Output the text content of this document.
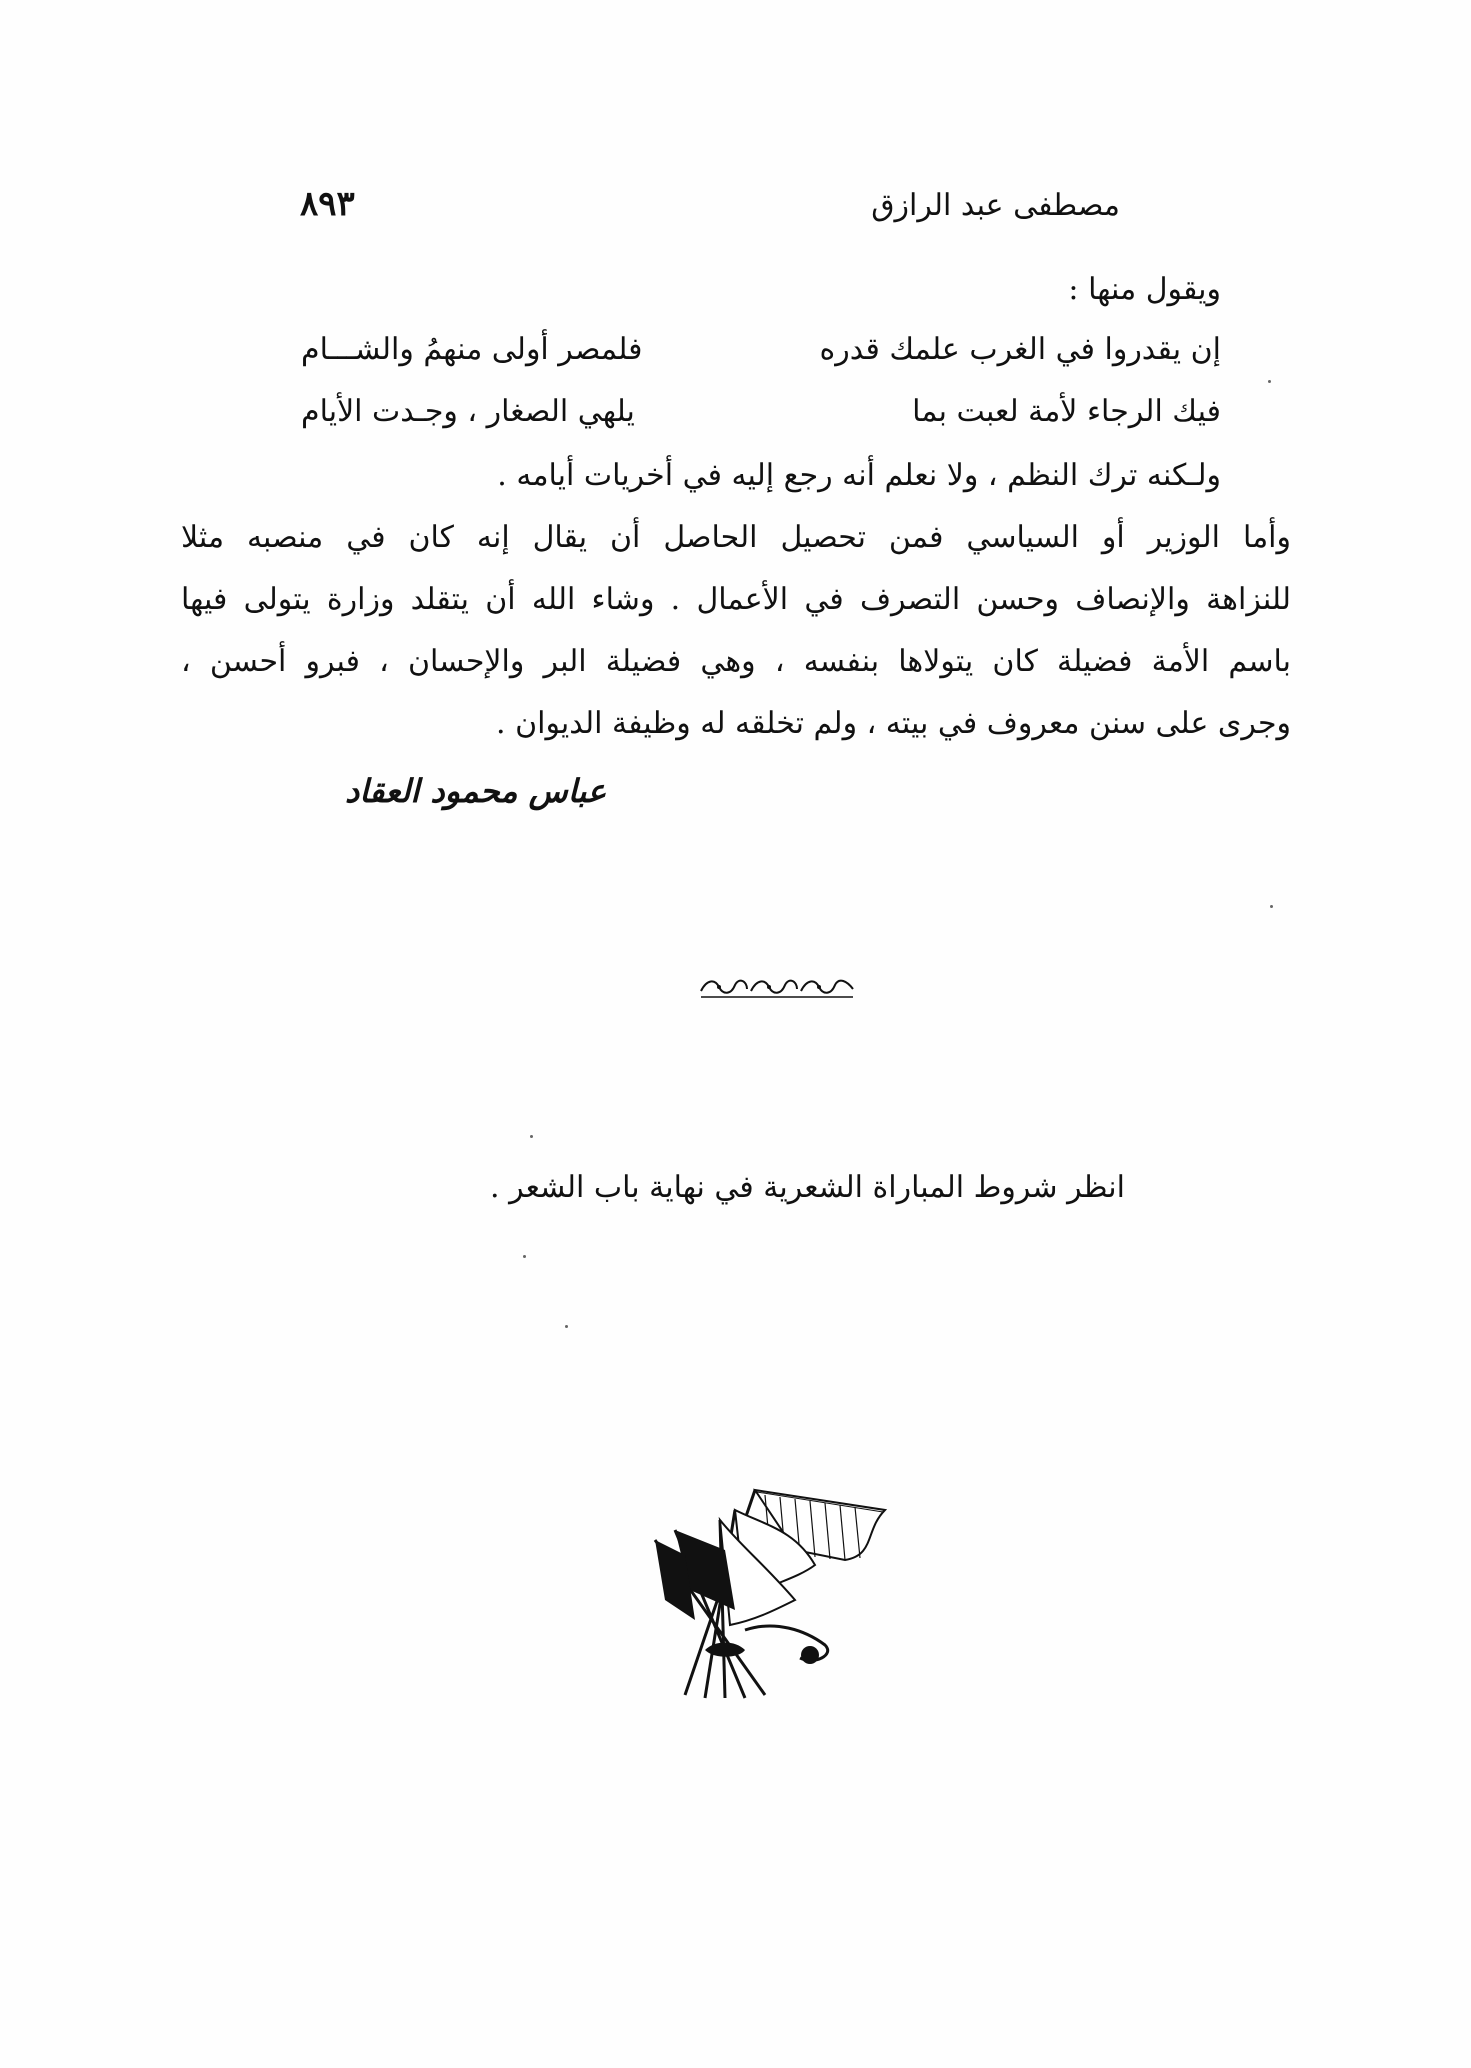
مصطفى عبد الرازق
٨٩٣
ويقول منها :
إن يقدروا في الغرب علمك قدره
فلمصر أولى منهمُ والشـــام
فيك الرجاء لأمة لعبت بما
يلهي الصغار ، وجـدت الأيام
ولـكنه ترك النظم ، ولا نعلم أنه رجع إليه في أخريات أيامه .
وأما الوزير أو السياسي فمن تحصيل الحاصل أن يقال إنه كان في منصبه مثلا
للنزاهة والإنصاف وحسن التصرف في الأعمال . وشاء الله أن يتقلد وزارة يتولى فيها
باسم الأمة فضيلة كان يتولاها بنفسه ، وهي فضيلة البر والإحسان ، فبرو أحسن ،
وجرى على سنن معروف في بيته ، ولم تخلقه له وظيفة الديوان .
عباس محمود العقاد
انظر شروط المباراة الشعرية في نهاية باب الشعر .
